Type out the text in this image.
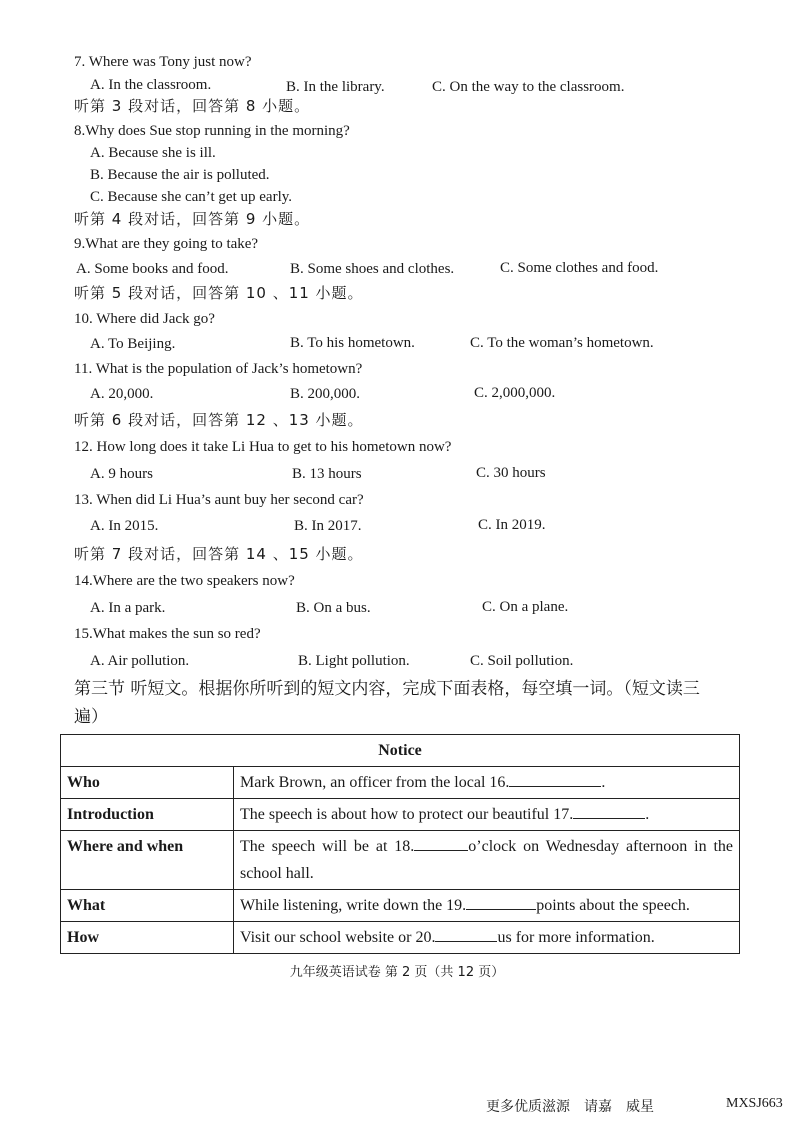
7. Where was Tony just now?
A. In the classroom.	B. In the library.	C. On the way to the classroom.
听第 3 段对话，回答第 8 小题。
8.Why does Sue stop running in the morning?
A. Because she is ill.
B. Because the air is polluted.
C. Because she can’t get up early.
听第 4 段对话，回答第 9 小题。
9.What are they going to take?
A. Some books and food.	B. Some shoes and clothes.	C. Some clothes and food.
听第 5 段对话，回答第 10 、11 小题。
10. Where did Jack go?
A. To Beijing.	B. To his hometown.	C. To the woman’s hometown.
11. What is the population of Jack’s hometown?
A. 20,000.	B. 200,000.	C. 2,000,000.
听第 6 段对话，回答第 12 、13 小题。
12. How long does it take Li Hua to get to his hometown now?
A. 9 hours	B. 13 hours	C. 30 hours
13. When did Li Hua’s aunt buy her second car?
A. In 2015.	B. In 2017.	C. In 2019.
听第 7 段对话，回答第 14 、15 小题。
14.Where are the two speakers now?
A. In a park.	B. On a bus.	C. On a plane.
15.What makes the sun so red?
A. Air pollution.	B. Light pollution.	C. Soil pollution.
第三节 听短文。根据你所听到的短文内容，完成下面表格，每空填一词。（短文读三遍）
Notice	
Who	Mark Brown, an officer from the local 16. .
Introduction	The speech is about how to protect our beautiful 17. .
Where and when	The speech will be at 18. o’clock on Wednesday afternoon in the school hall.
What	While listening, write down the 19. points about the speech.
How	Visit our school website or 20. us for more information.
九年级英语试卷 第 2 页（共 12 页）
更多优质滋源　请嘉　威星	MXSJ663
